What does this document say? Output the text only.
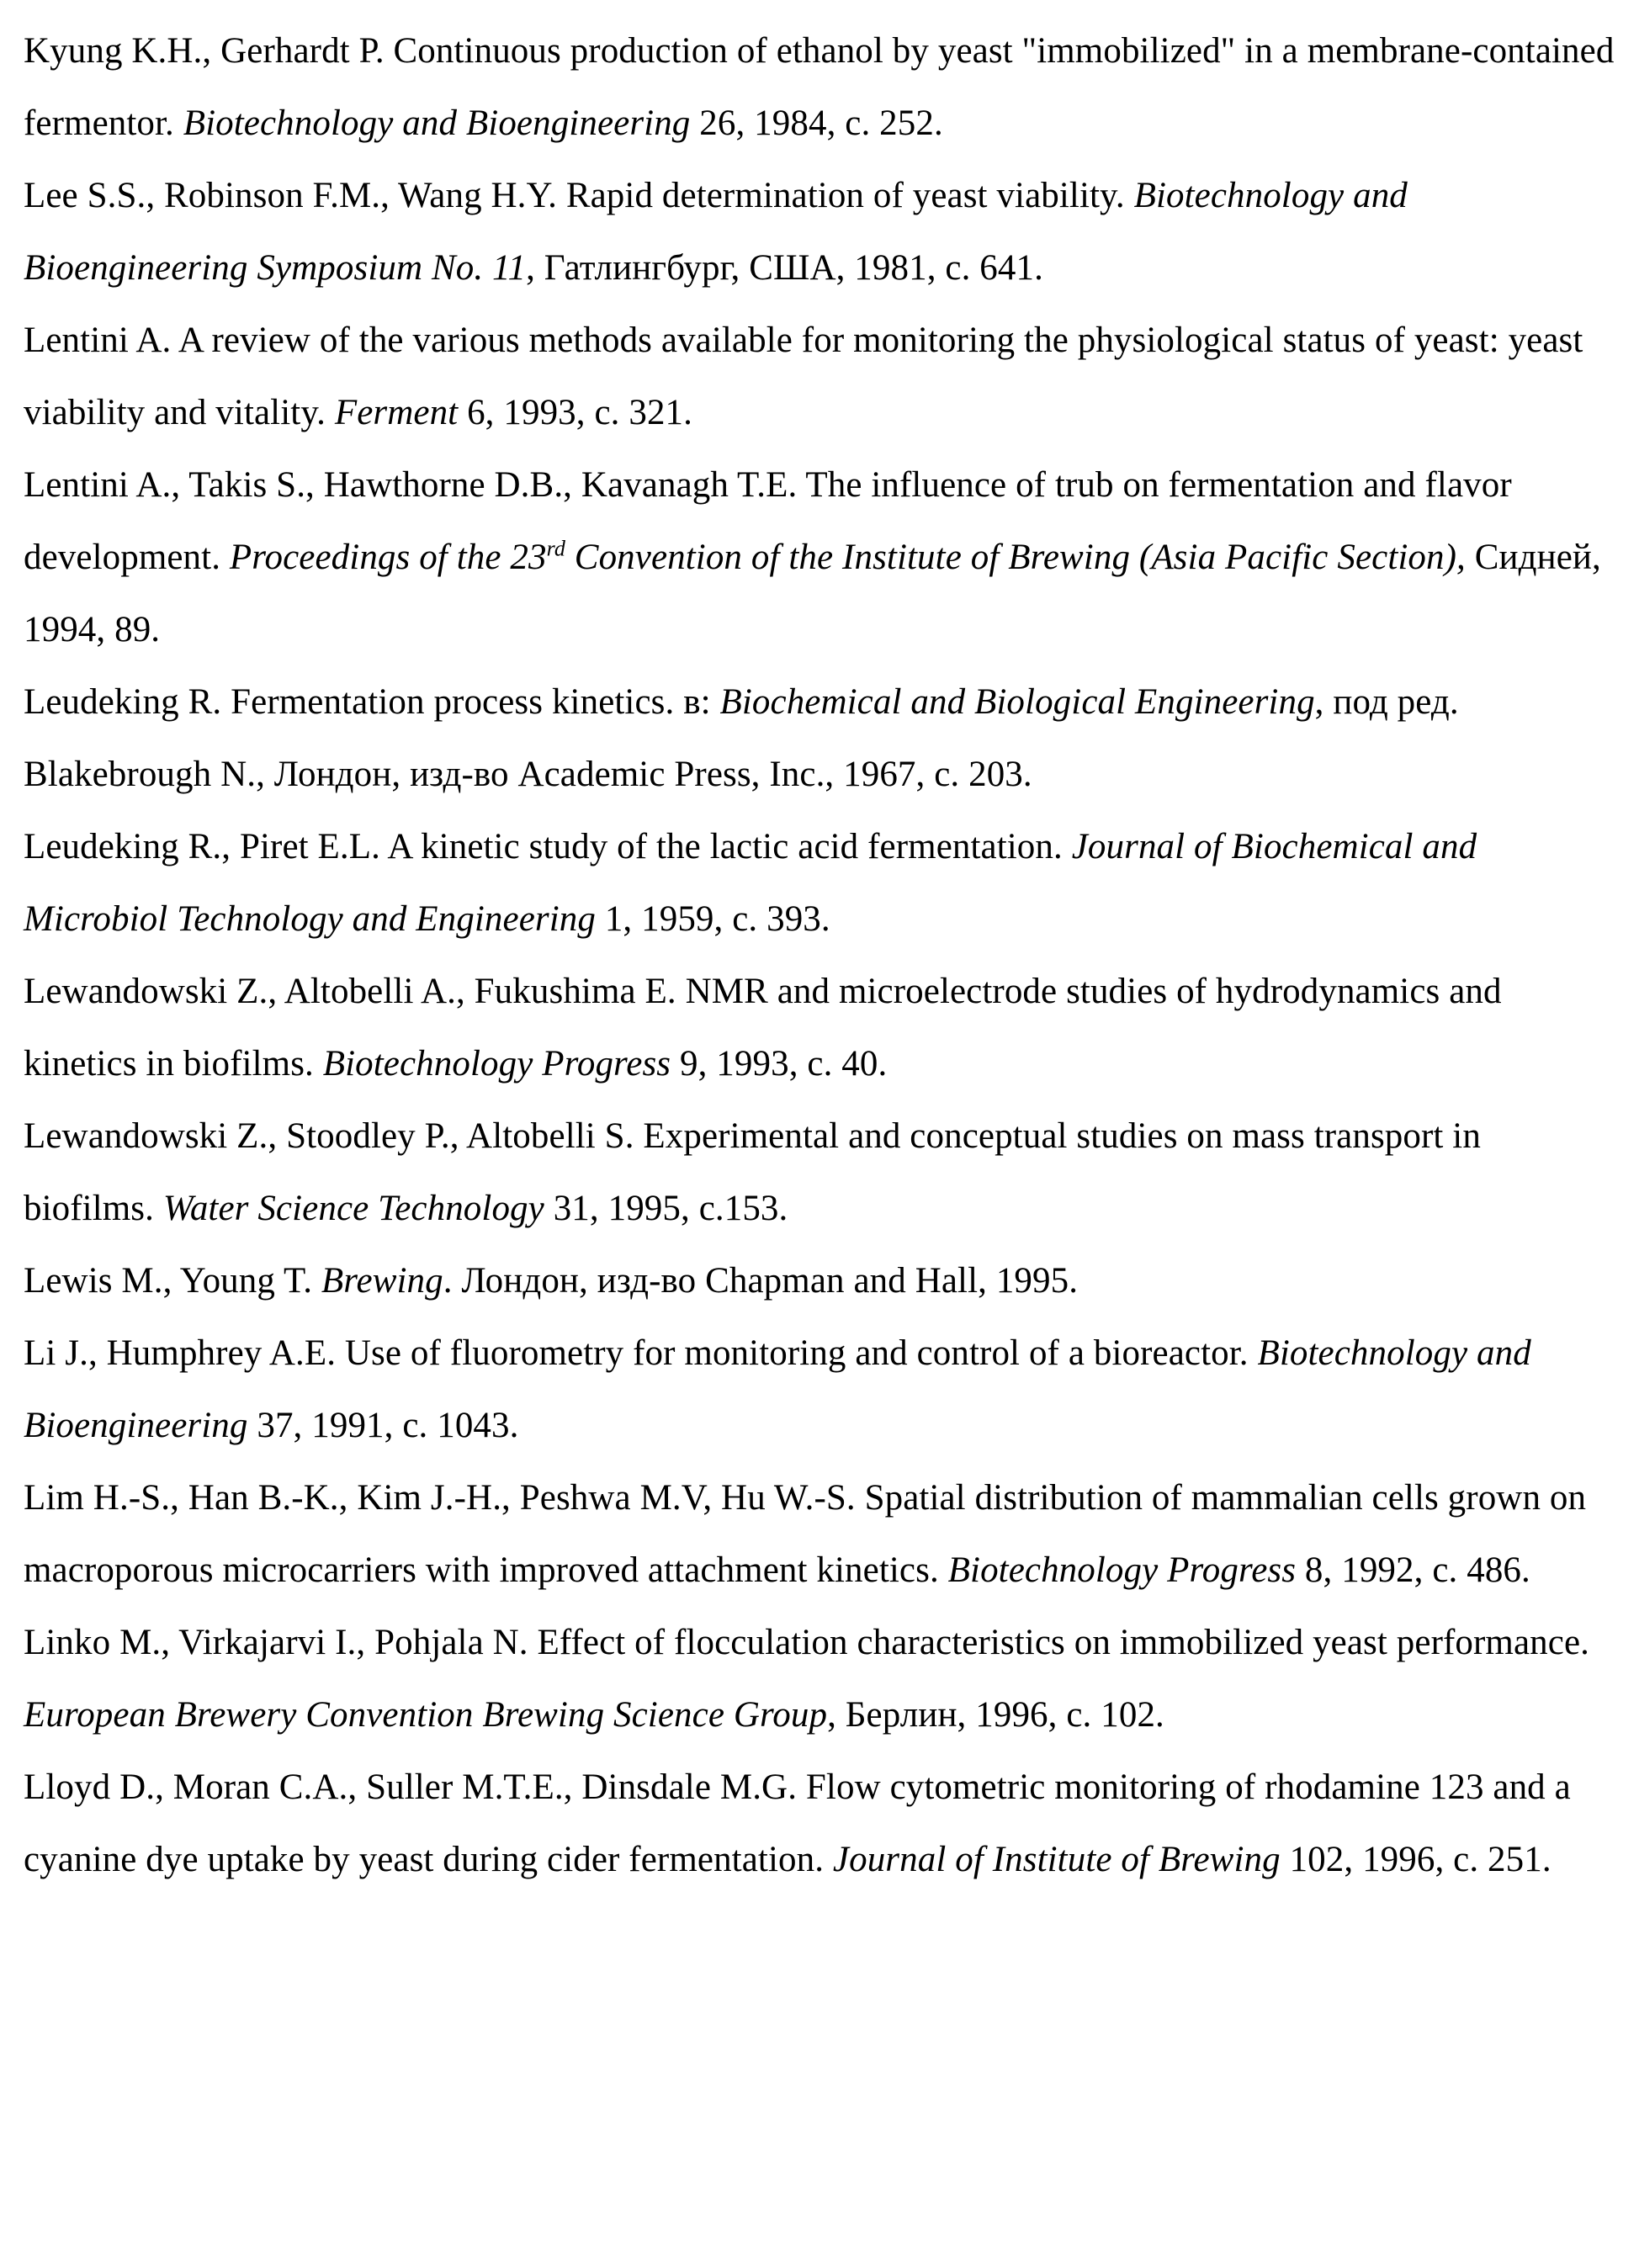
Kyung K.H., Gerhardt P. Continuous production of ethanol by yeast "immobilized" in a membrane-contained fermentor. Biotechnology and Bioengineering 26, 1984, c. 252.

Lee S.S., Robinson F.M., Wang H.Y. Rapid determination of yeast viability. Biotechnology and Bioengineering Symposium No. 11, Гатлингбург, США, 1981, c. 641.

Lentini A. A review of the various methods available for monitoring the physiological status of yeast: yeast viability and vitality. Ferment 6, 1993, c. 321.

Lentini A., Takis S., Hawthorne D.B., Kavanagh T.E. The influence of trub on fermentation and flavor development. Proceedings of the 23rd Convention of the Institute of Brewing (Asia Pacific Section), Сидней, 1994, 89.

Leudeking R. Fermentation process kinetics. в: Biochemical and Biological Engineering, под ред. Blakebrough N., Лондон, изд-во Academic Press, Inc., 1967, c. 203.

Leudeking R., Piret E.L. A kinetic study of the lactic acid fermentation. Journal of Biochemical and Microbiol Technology and Engineering 1, 1959, c. 393.

Lewandowski Z., Altobelli A., Fukushima E. NMR and microelectrode studies of hydrodynamics and kinetics in biofilms. Biotechnology Progress 9, 1993, c. 40.

Lewandowski Z., Stoodley P., Altobelli S. Experimental and conceptual studies on mass transport in biofilms. Water Science Technology 31, 1995, c.153.

Lewis M., Young T. Brewing. Лондон, изд-во Chapman and Hall, 1995.

Li J., Humphrey A.E. Use of fluorometry for monitoring and control of a bioreactor. Biotechnology and Bioengineering 37, 1991, c. 1043.

Lim H.-S., Han B.-K., Kim J.-H., Peshwa M.V, Hu W.-S. Spatial distribution of mammalian cells grown on macroporous microcarriers with improved attachment kinetics. Biotechnology Progress 8, 1992, c. 486.

Linko M., Virkajarvi I., Pohjala N. Effect of flocculation characteristics on immobilized yeast performance. European Brewery Convention Brewing Science Group, Берлин, 1996, c. 102.

Lloyd D., Moran C.A., Suller M.T.E., Dinsdale M.G. Flow cytometric monitoring of rhodamine 123 and a cyanine dye uptake by yeast during cider fermentation. Journal of Institute of Brewing 102, 1996, c. 251.
